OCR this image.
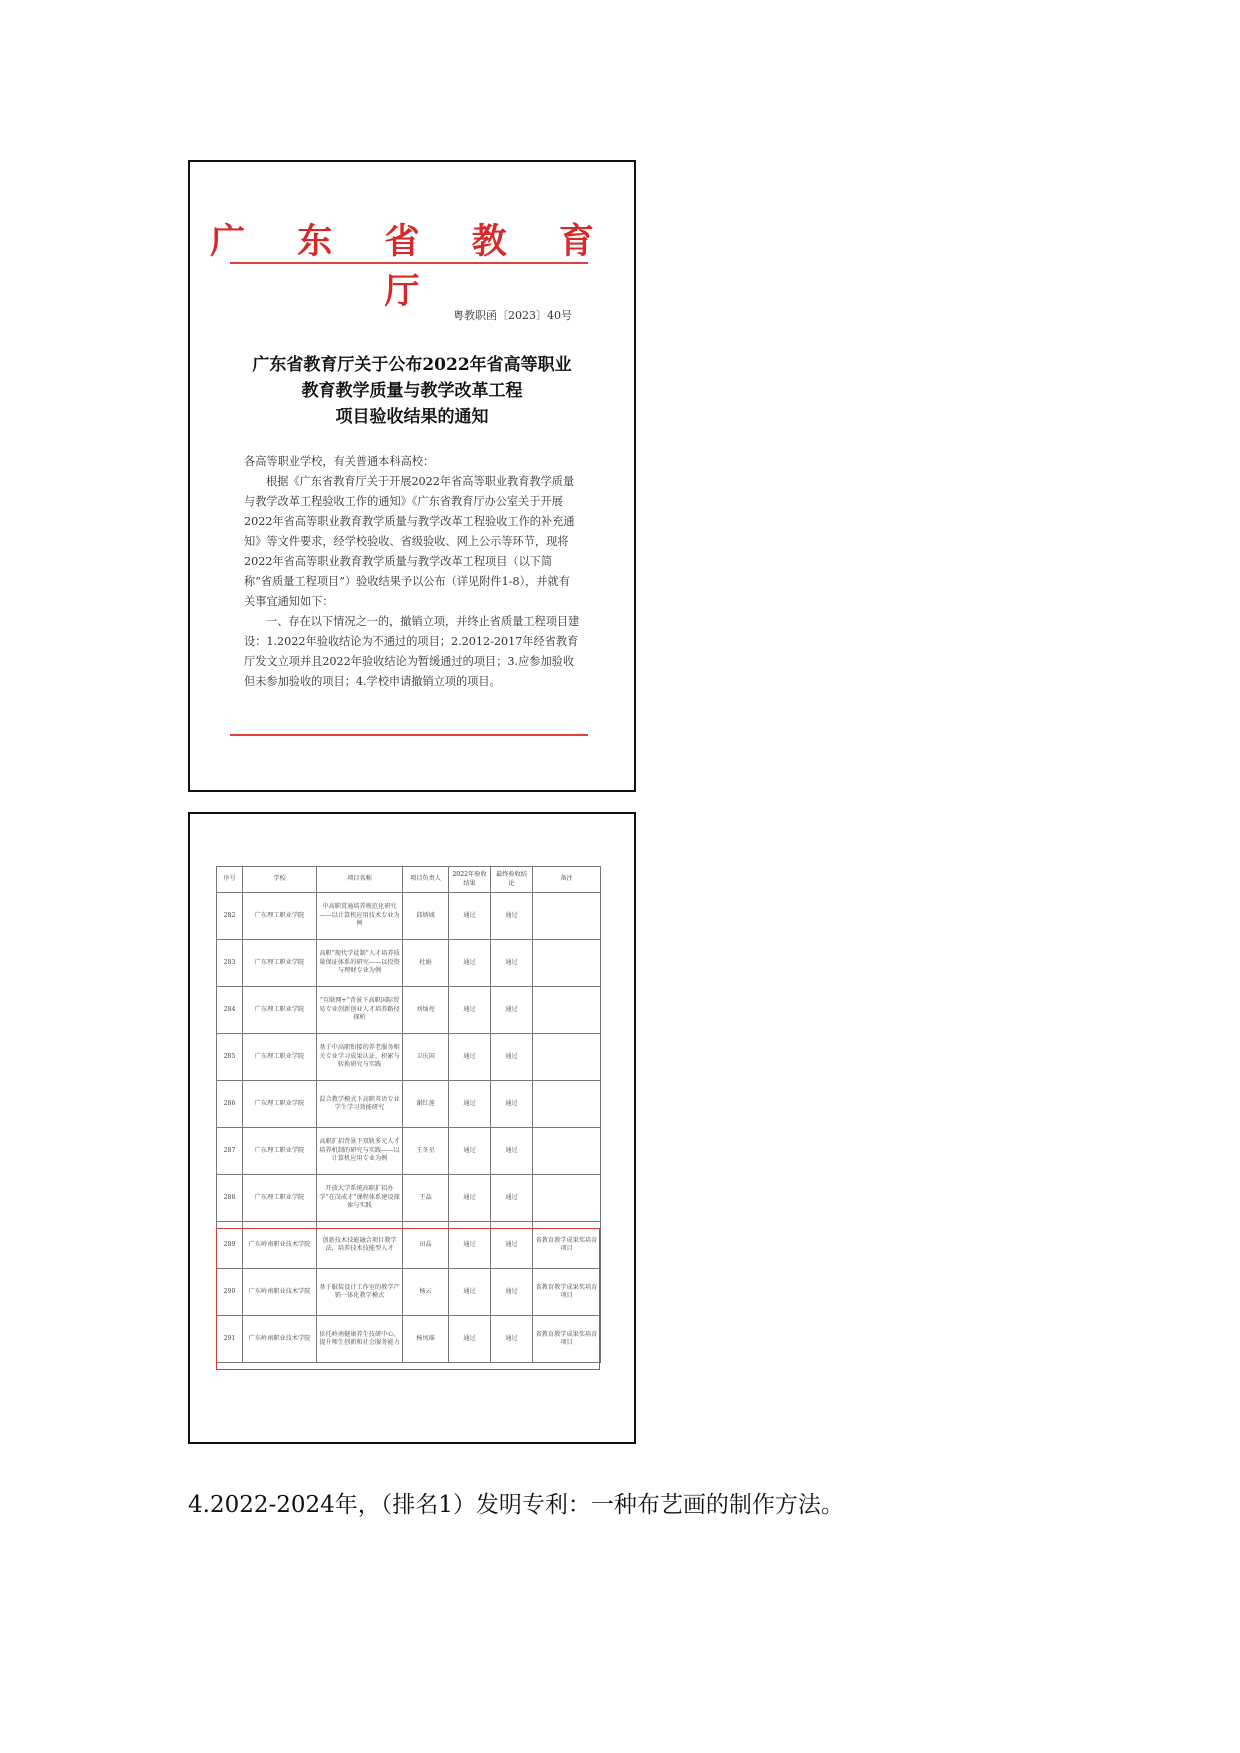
广 东 省 教 育 厅
粤教职函〔2023〕40号
广东省教育厅关于公布2022年省高等职业
教育教学质量与教学改革工程
项目验收结果的通知

各高等职业学校，有关普通本科高校：

根据《广东省教育厅关于开展2022年省高等职业教育教学质量与教学改革工程验收工作的通知》《广东省教育厅办公室关于开展2022年省高等职业教育教学质量与教学改革工程验收工作的补充通知》等文件要求，经学校验收、省级验收、网上公示等环节，现将2022年省高等职业教育教学质量与教学改革工程项目（以下简称“省质量工程项目”）验收结果予以公布（详见附件1-8），并就有关事宜通知如下：

一、存在以下情况之一的，撤销立项，并终止省质量工程项目建设：1.2022年验收结论为不通过的项目；2.2012-2017年经省教育厅发文立项并且2022年验收结论为暂缓通过的项目；3.应参加验收但未参加验收的项目；4.学校申请撤销立项的项目。

序号	学校	项目名称	项目负责人	2022年验收结果	最终验收结论	备注
282	广东理工职业学院	中高职贯通培养规范化研究——以计算机应用技术专业为例	邱炳城	通过	通过	
283	广东理工职业学院	高职“现代学徒制”人才培养质量保证体系的研究——以投资与理财专业为例	杜娟	通过	通过	
284	广东理工职业学院	“互联网+”背景下高职国际贸易专业创新创业人才培养路径探析	刘灿亮	通过	通过	
285	广东理工职业学院	基于中高职衔接的养老服务相关专业学习成果认证、积累与转换研究与实践	卫庆国	通过	通过	
286	广东理工职业学院	混合教学模式下高职英语专业学生学习效能研究	谢红莲	通过	通过	
287	广东理工职业学院	高职扩招背景下双轨多元人才培养机制的研究与实践——以计算机应用专业为例	王冬星	通过	通过	
288	广东理工职业学院	开放大学系统高职扩招办学“在岗成才”课程体系建设探索与实践	王晶	通过	通过	
289	广东岭南职业技术学院	创新技术技能融合项目教学法，培养技术技能型人才	田晶	通过	通过	省教育教学成果奖培育项目
290	广东岭南职业技术学院	基于服装设计工作室的教学产销一体化教学模式	杨云	通过	通过	省教育教学成果奖培育项目
291	广东岭南职业技术学院	依托岭南健康养生技研中心，提升师生创新和社会服务能力	杨凤瑶	通过	通过	省教育教学成果奖培育项目
4.2022-2024年，（排名1）发明专利：一种布艺画的制作方法。
